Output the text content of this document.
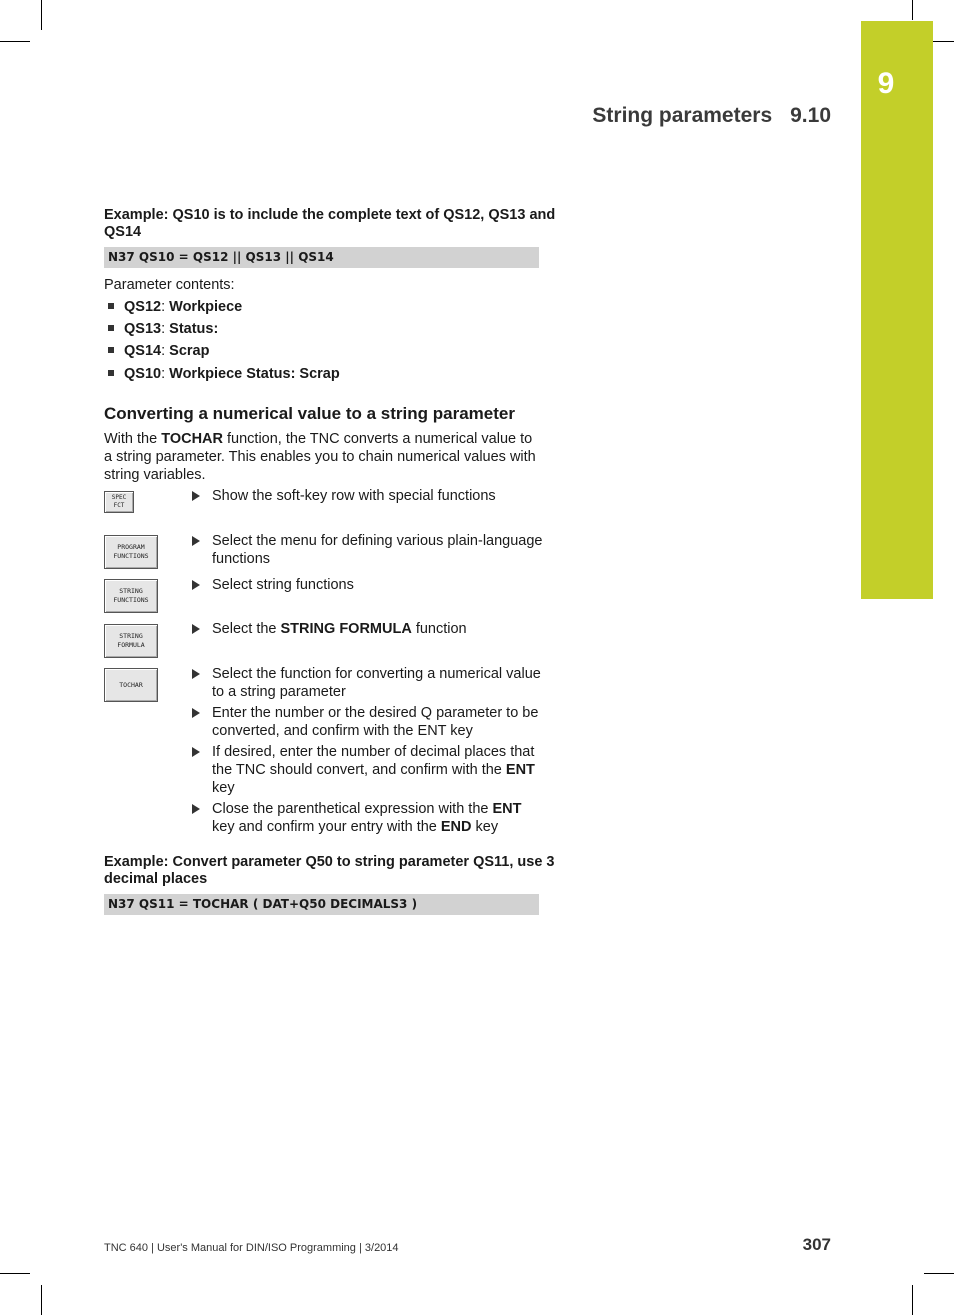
9
String parameters 9.10
Example: QS10 is to include the complete text of QS12, QS13 and QS14
N37 QS10 = QS12 || QS13 || QS14
Parameter contents:
QS12: Workpiece
QS13: Status:
QS14: Scrap
QS10: Workpiece Status: Scrap
Converting a numerical value to a string parameter
With the TOCHAR function, the TNC converts a numerical value to a string parameter. This enables you to chain numerical values with string variables.
SPEC
FCT
PROGRAM
FUNCTIONS
STRING
FUNCTIONS
STRING
FORMULA
TOCHAR
Show the soft-key row with special functions
Select the menu for defining various plain-language functions
Select string functions
Select the STRING FORMULA function
Select the function for converting a numerical value to a string parameter
Enter the number or the desired Q parameter to be converted, and confirm with the ENT key
If desired, enter the number of decimal places that the TNC should convert, and confirm with the ENT key
Close the parenthetical expression with the ENT key and confirm your entry with the END key
Example: Convert parameter Q50 to string parameter QS11, use 3 decimal places
N37 QS11 = TOCHAR ( DAT+Q50 DECIMALS3 )
TNC 640 | User's Manual for DIN/ISO Programming | 3/2014	307
